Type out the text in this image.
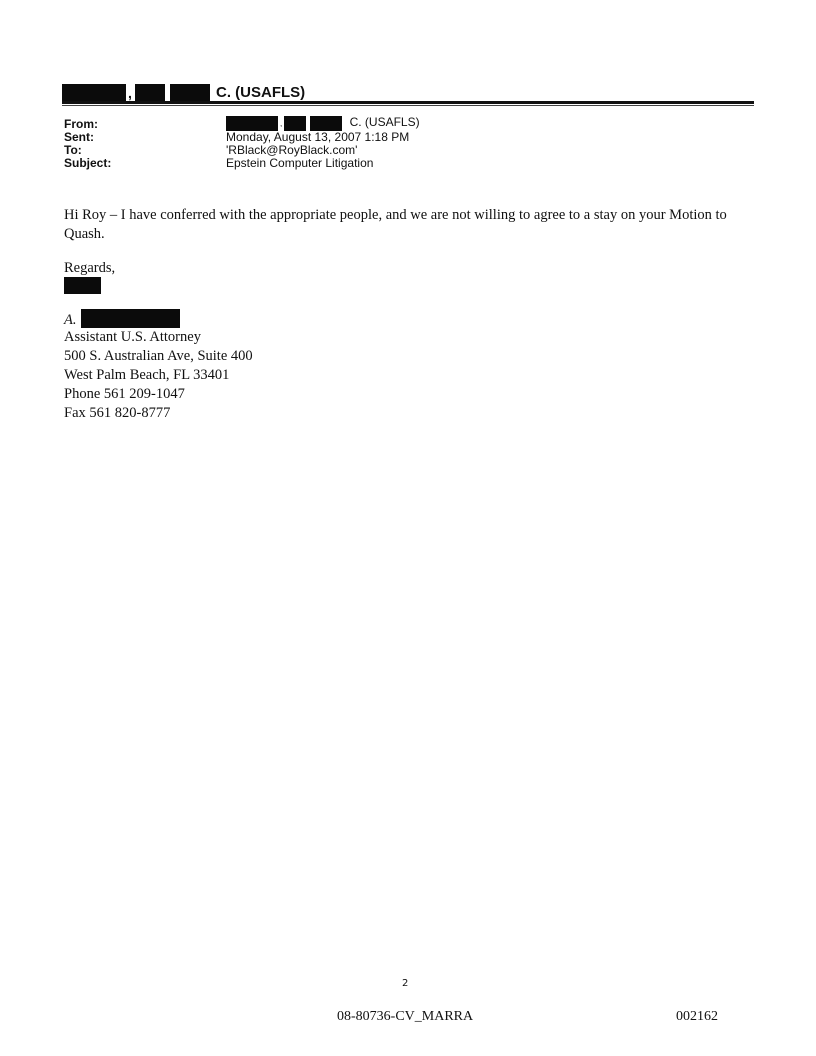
,	C. (USAFLS)
From:	,	C. (USAFLS)
Sent:	Monday, August 13, 2007 1:18 PM
To:	'RBlack@RoyBlack.com'
Subject:	Epstein Computer Litigation
Hi Roy – I have conferred with the appropriate people, and we are not willing to agree to a stay on your Motion to Quash.
Regards,
A.
Assistant U.S. Attorney
500 S. Australian Ave, Suite 400
West Palm Beach, FL 33401
Phone 561 209-1047
Fax 561 820-8777
2
08-80736-CV_MARRA	002162
